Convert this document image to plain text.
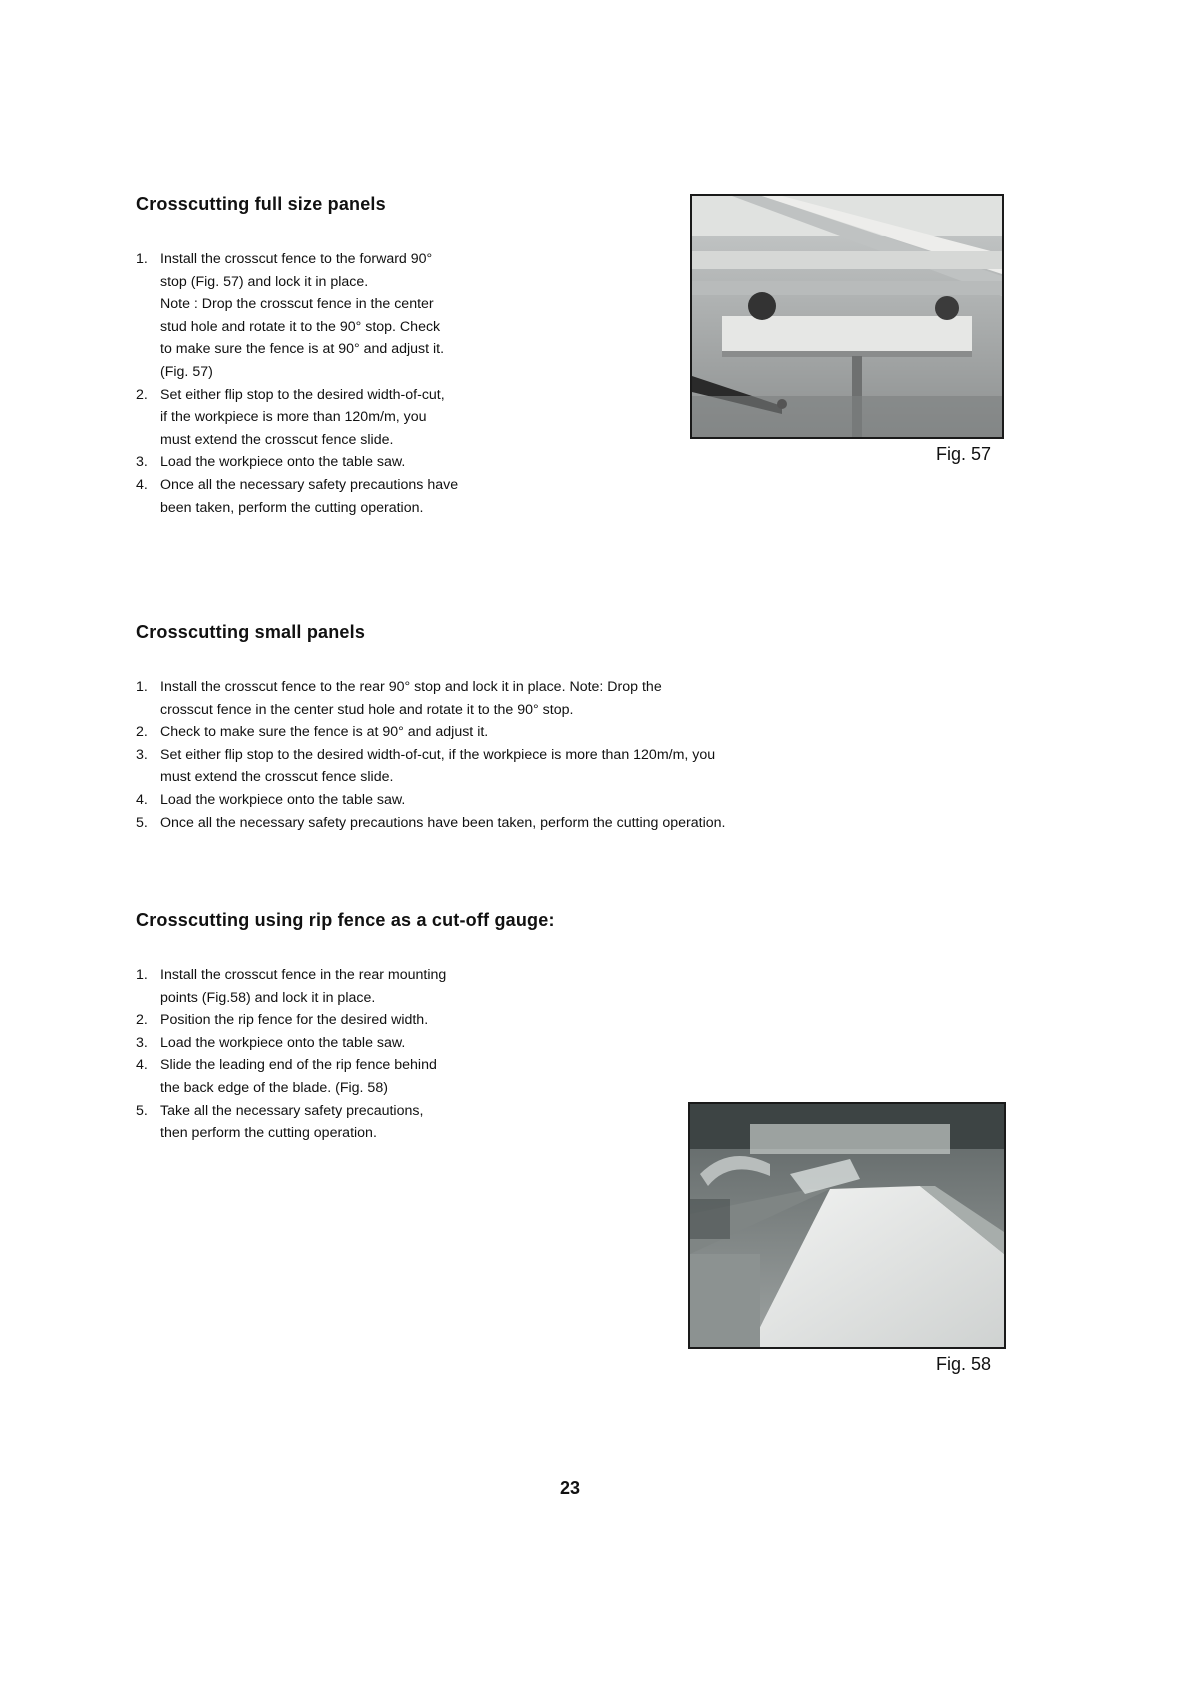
Crosscutting full size panels
1. Install the crosscut fence to the forward 90°
stop (Fig. 57) and lock it in place.
Note : Drop the crosscut fence in the center
stud hole and rotate it to the 90° stop. Check
to make sure the fence is at 90° and adjust it.
(Fig. 57)
2. Set either flip stop to the desired width-of-cut,
if the workpiece is more than 120m/m, you
must extend the crosscut fence slide.
3. Load the workpiece onto the table saw.
4. Once all the necessary safety precautions have
been taken, perform the cutting operation.
Fig. 57
Crosscutting small panels
1. Install the crosscut fence to the rear 90° stop and lock it in place. Note: Drop the
crosscut fence in the center stud hole and rotate it to the 90° stop.
2. Check to make sure the fence is at 90° and adjust it.
3. Set either flip stop to the desired width-of-cut, if the workpiece is more than 120m/m, you
must extend the crosscut fence slide.
4. Load the workpiece onto the table saw.
5. Once all the necessary safety precautions have been taken, perform the cutting operation.
Crosscutting using rip fence as a cut-off gauge:
1. Install the crosscut fence in the rear mounting
points (Fig.58) and lock it in place.
2. Position the rip fence for the desired width.
3. Load the workpiece onto the table saw.
4. Slide the leading end of the rip fence behind
the back edge of the blade. (Fig. 58)
5. Take all the necessary safety precautions,
then perform the cutting operation.
Fig. 58
23
